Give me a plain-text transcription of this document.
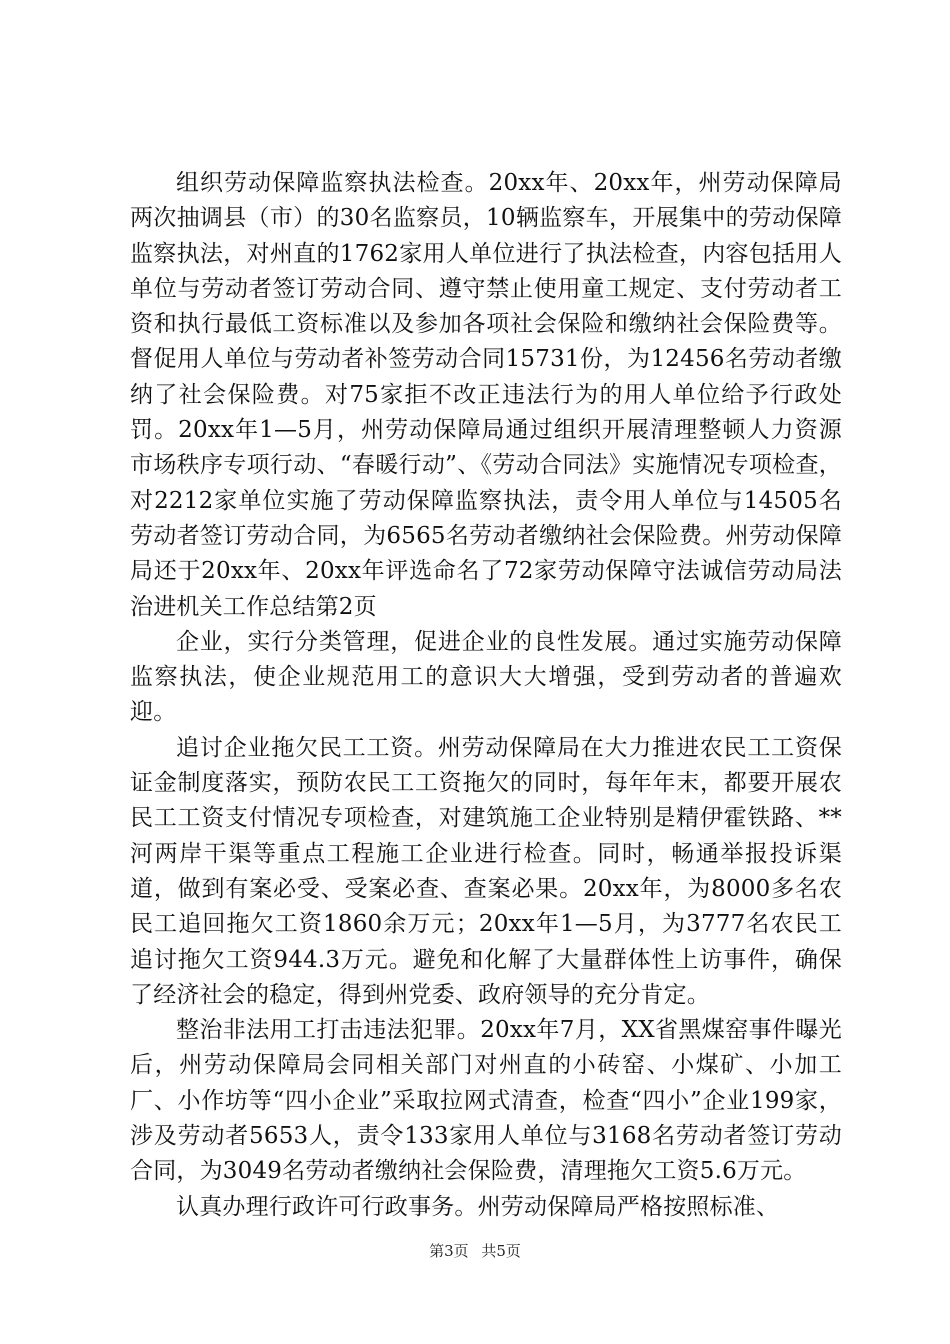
组织劳动保障监察执法检查。20xx年、20xx年，州劳动保障局两次抽调县（市）的30名监察员，10辆监察车，开展集中的劳动保障监察执法，对州直的1762家用人单位进行了执法检查，内容包括用人单位与劳动者签订劳动合同、遵守禁止使用童工规定、支付劳动者工资和执行最低工资标准以及参加各项社会保险和缴纳社会保险费等。督促用人单位与劳动者补签劳动合同15731份，为12456名劳动者缴纳了社会保险费。对75家拒不改正违法行为的用人单位给予行政处罚。20xx年1—5月，州劳动保障局通过组织开展清理整顿人力资源市场秩序专项行动、“春暖行动”、《劳动合同法》实施情况专项检查，对2212家单位实施了劳动保障监察执法，责令用人单位与14505名劳动者签订劳动合同，为6565名劳动者缴纳社会保险费。州劳动保障局还于20xx年、20xx年评选命名了72家劳动保障守法诚信劳动局法治进机关工作总结第2页

企业，实行分类管理，促进企业的良性发展。通过实施劳动保障监察执法，使企业规范用工的意识大大增强，受到劳动者的普遍欢迎。

追讨企业拖欠民工工资。州劳动保障局在大力推进农民工工资保证金制度落实，预防农民工工资拖欠的同时，每年年末，都要开展农民工工资支付情况专项检查，对建筑施工企业特别是精伊霍铁路、**河两岸干渠等重点工程施工企业进行检查。同时，畅通举报投诉渠道，做到有案必受、受案必查、查案必果。20xx年，为8000多名农民工追回拖欠工资1860余万元；20xx年1—5月，为3777名农民工追讨拖欠工资944.3万元。避免和化解了大量群体性上访事件，确保了经济社会的稳定，得到州党委、政府领导的充分肯定。

整治非法用工打击违法犯罪。20xx年7月，XX省黑煤窑事件曝光后，州劳动保障局会同相关部门对州直的小砖窑、小煤矿、小加工厂、小作坊等“四小企业”采取拉网式清查，检查“四小”企业199家，涉及劳动者5653人，责令133家用人单位与3168名劳动者签订劳动合同，为3049名劳动者缴纳社会保险费，清理拖欠工资5.6万元。

认真办理行政许可行政事务。州劳动保障局严格按照标准、

第3页 共5页
